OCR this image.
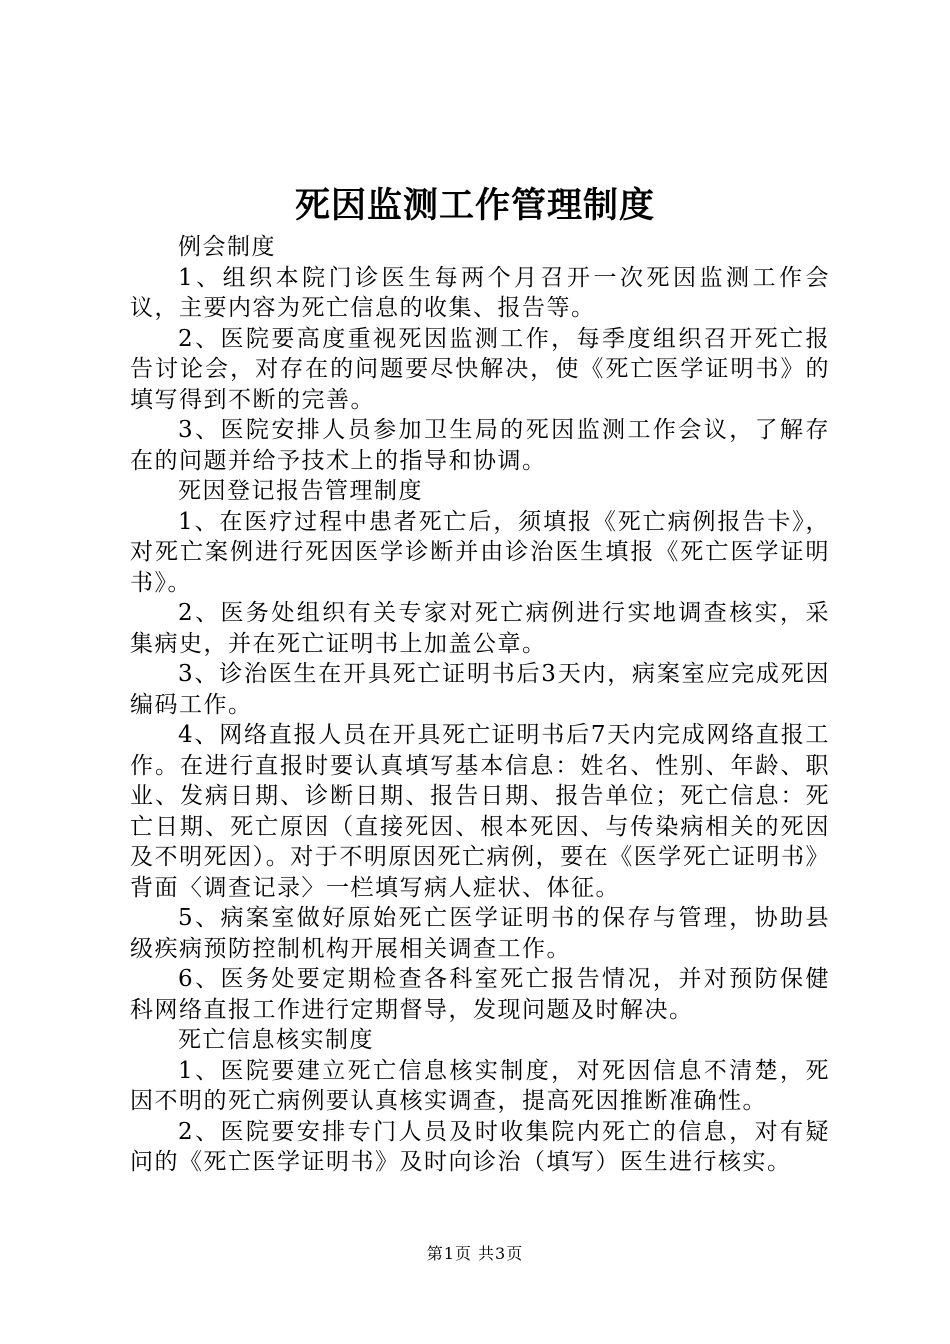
死因监测工作管理制度

例会制度

1、组织本院门诊医生每两个月召开一次死因监测工作会议，主要内容为死亡信息的收集、报告等。

2、医院要高度重视死因监测工作，每季度组织召开死亡报告讨论会，对存在的问题要尽快解决，使《死亡医学证明书》的填写得到不断的完善。

3、医院安排人员参加卫生局的死因监测工作会议，了解存在的问题并给予技术上的指导和协调。

死因登记报告管理制度

1、在医疗过程中患者死亡后，须填报《死亡病例报告卡》，对死亡案例进行死因医学诊断并由诊治医生填报《死亡医学证明书》。

2、医务处组织有关专家对死亡病例进行实地调查核实，采集病史，并在死亡证明书上加盖公章。

3、诊治医生在开具死亡证明书后3天内，病案室应完成死因编码工作。

4、网络直报人员在开具死亡证明书后7天内完成网络直报工作。在进行直报时要认真填写基本信息：姓名、性别、年龄、职业、发病日期、诊断日期、报告日期、报告单位；死亡信息：死亡日期、死亡原因（直接死因、根本死因、与传染病相关的死因及不明死因）。对于不明原因死亡病例，要在《医学死亡证明书》背面〈调查记录〉一栏填写病人症状、体征。

5、病案室做好原始死亡医学证明书的保存与管理，协助县级疾病预防控制机构开展相关调查工作。

6、医务处要定期检查各科室死亡报告情况，并对预防保健科网络直报工作进行定期督导，发现问题及时解决。

死亡信息核实制度

1、医院要建立死亡信息核实制度，对死因信息不清楚，死因不明的死亡病例要认真核实调查，提高死因推断准确性。

2、医院要安排专门人员及时收集院内死亡的信息，对有疑问的《死亡医学证明书》及时向诊治（填写）医生进行核实。

第1页 共3页
